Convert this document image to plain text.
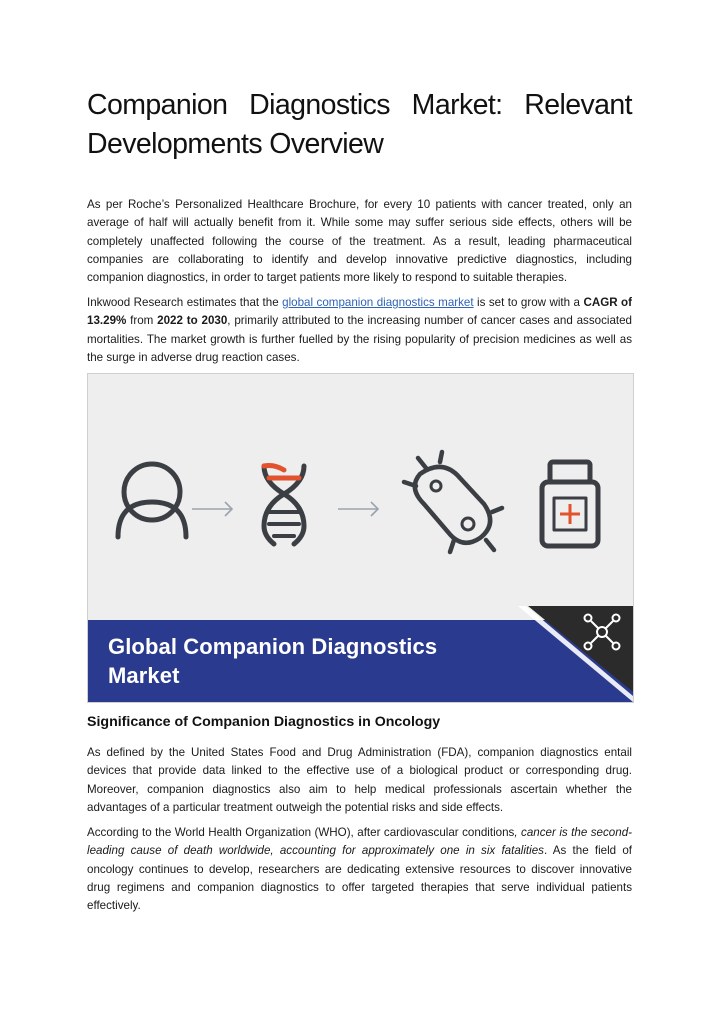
Companion Diagnostics Market: Relevant
Developments Overview

As per Roche’s Personalized Healthcare Brochure, for every 10 patients with cancer treated, only an average of half will actually benefit from it. While some may suffer serious side effects, others will be completely unaffected following the course of the treatment. As a result, leading pharmaceutical companies are collaborating to identify and develop innovative predictive diagnostics, including companion diagnostics, in order to target patients more likely to respond to suitable therapies.

Inkwood Research estimates that the global companion diagnostics market is set to grow with a CAGR of 13.29% from 2022 to 2030, primarily attributed to the increasing number of cancer cases and associated mortalities. The market growth is further fuelled by the rising popularity of precision medicines as well as the surge in adverse drug reaction cases.

Global Companion Diagnostics
Market
Significance of Companion Diagnostics in Oncology

As defined by the United States Food and Drug Administration (FDA), companion diagnostics entail devices that provide data linked to the effective use of a biological product or corresponding drug. Moreover, companion diagnostics also aim to help medical professionals ascertain whether the advantages of a particular treatment outweigh the potential risks and side effects.

According to the World Health Organization (WHO), after cardiovascular conditions, cancer is the second-leading cause of death worldwide, accounting for approximately one in six fatalities. As the field of oncology continues to develop, researchers are dedicating extensive resources to discover innovative drug regimens and companion diagnostics to offer targeted therapies that serve individual patients effectively.
